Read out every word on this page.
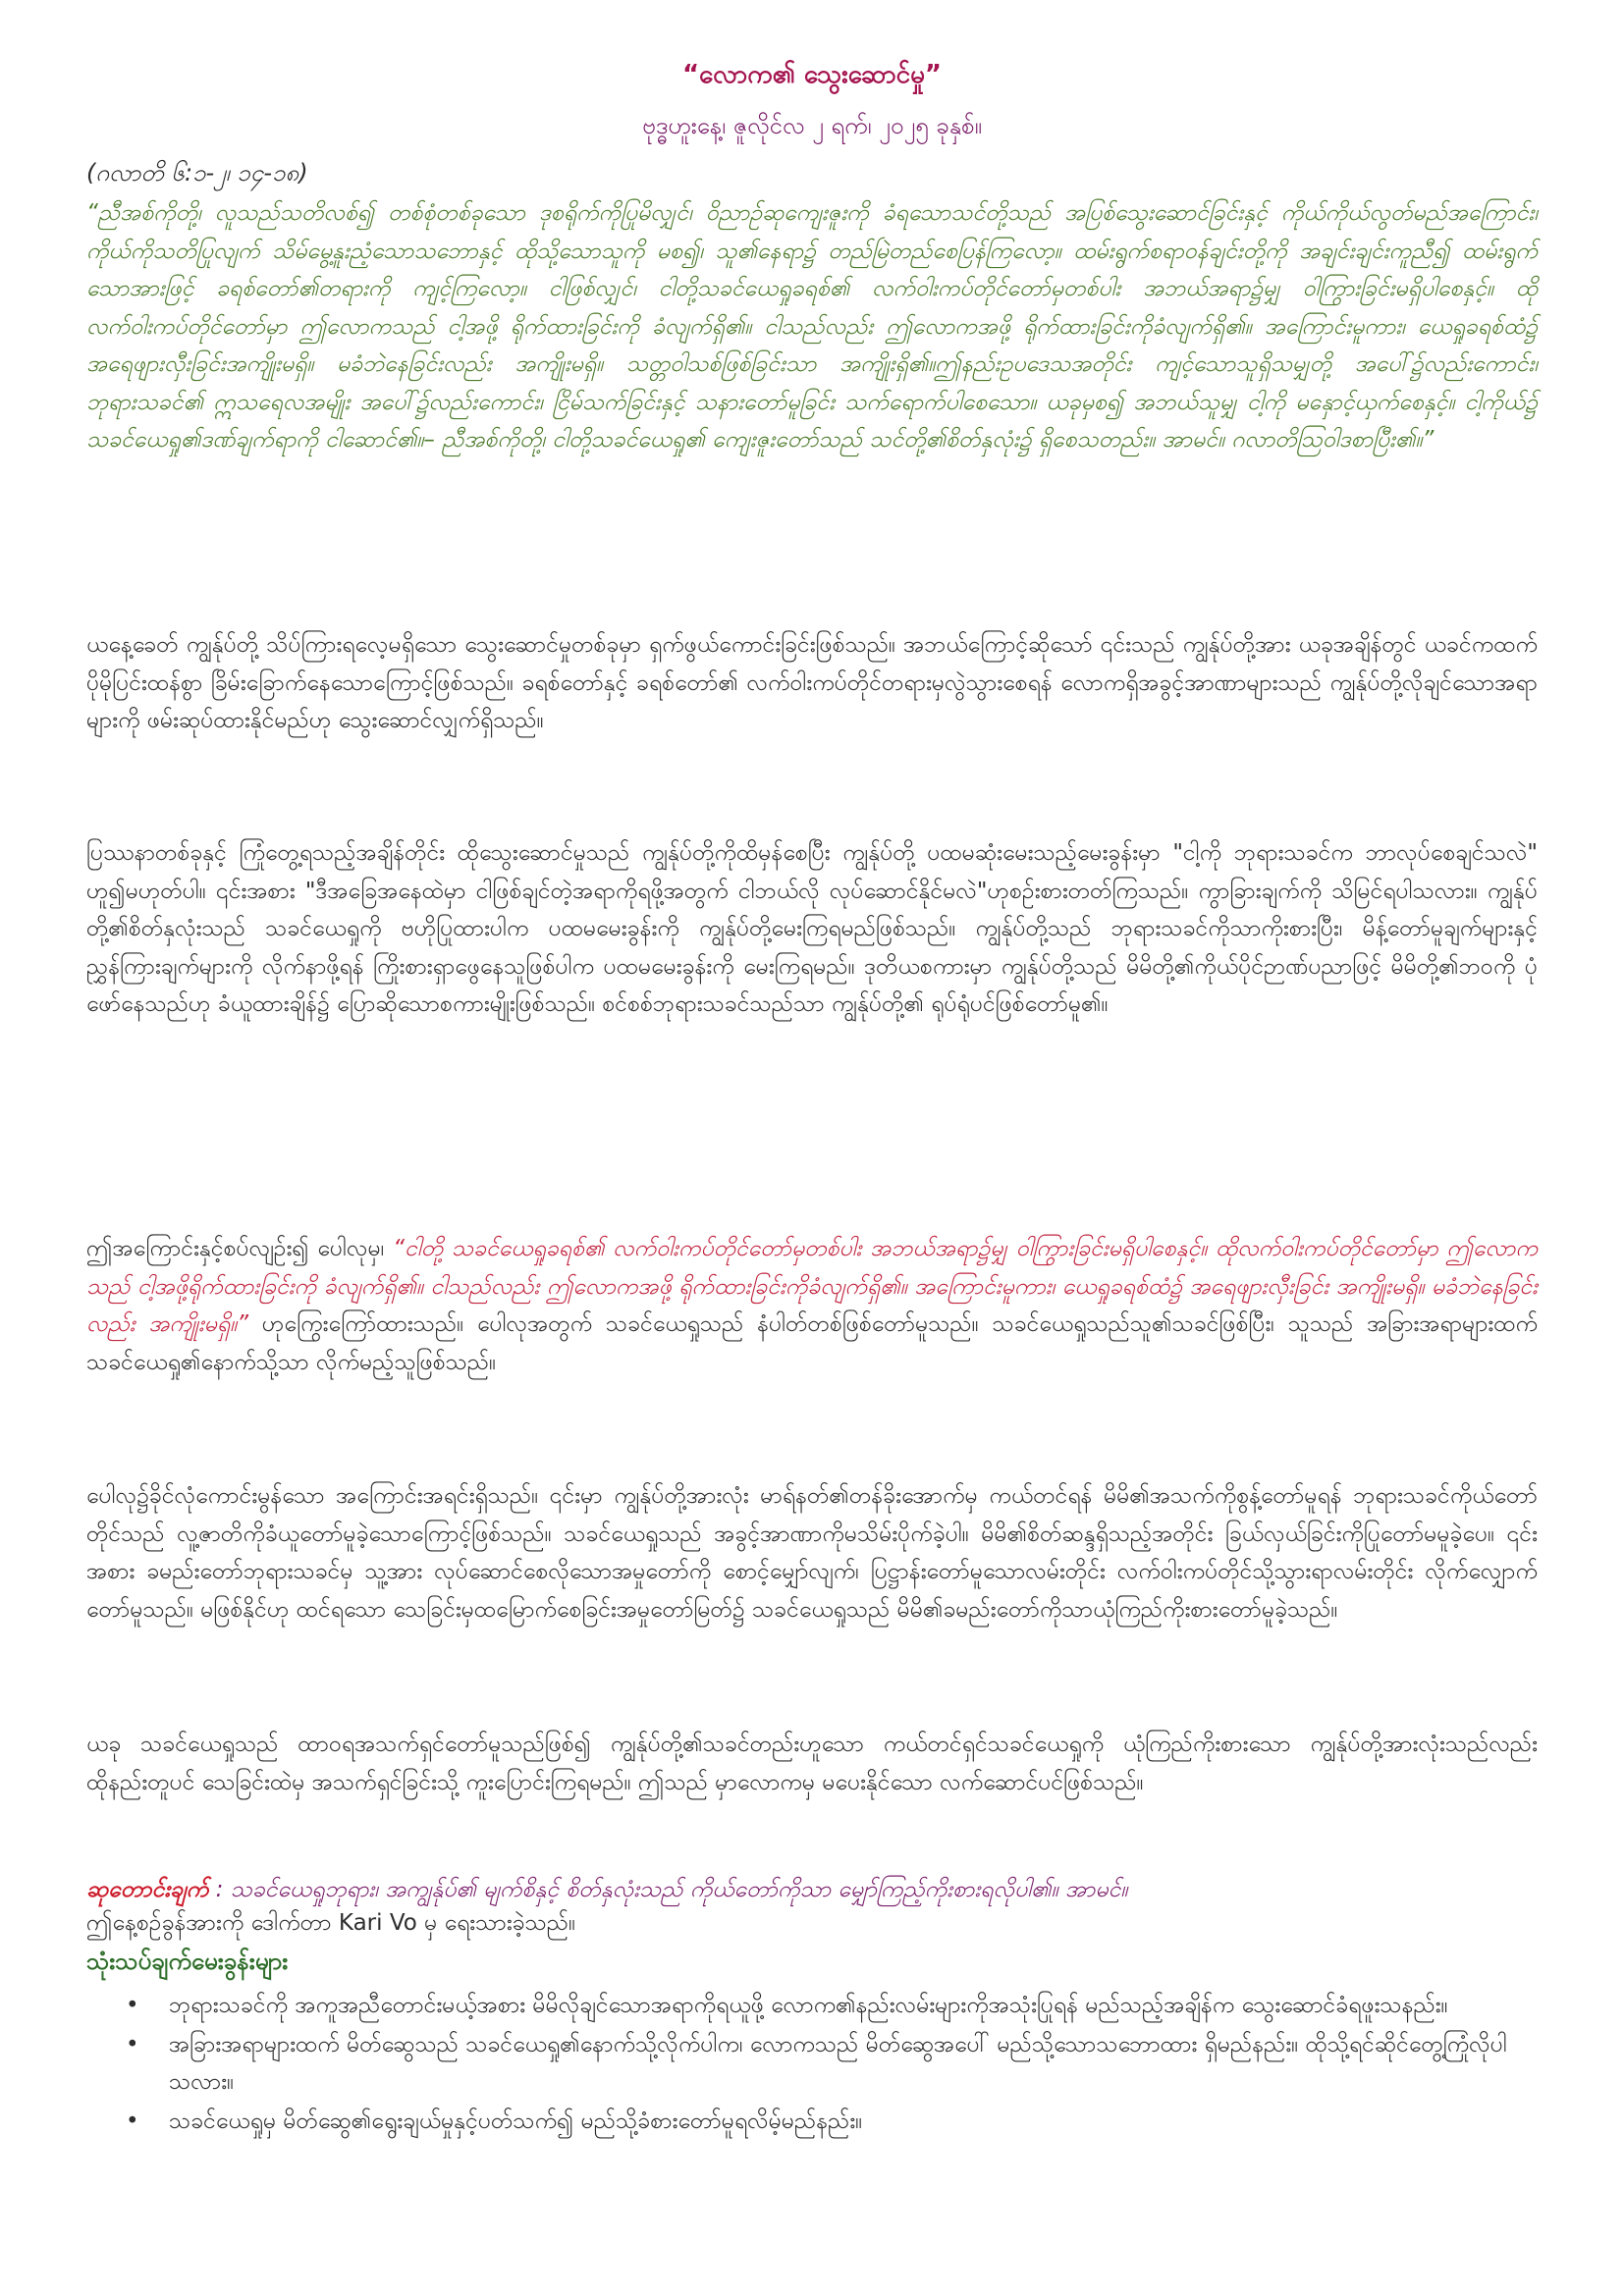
“လောက၏ သွေးဆောင်မှု”
ဗုဒ္ဓဟူးနေ့၊ ဇူလိုင်လ ၂ ရက်၊ ၂၀၂၅ ခုနှစ်။
(ဂလာတိ ၆:၁-၂၊ ၁၄-၁၈)
“ညီအစ်ကိုတို့၊ လူသည်သတိလစ်၍ တစ်စုံတစ်ခုသော ဒုစရိုက်ကိုပြုမိလျှင်၊ ဝိညာဉ်ဆုကျေးဇူးကို ခံရသောသင်တို့သည် အပြစ်သွေးဆောင်ခြင်းနှင့် ကိုယ်ကိုယ်လွတ်မည်အကြောင်း၊ ကိုယ်ကိုသတိပြုလျက် သိမ်မွေ့နူးညံ့သောသဘောနှင့် ထိုသို့သောသူကို မစ၍၊ သူ၏နေရာ၌ တည်မြဲတည်စေပြန်ကြလော့။ ထမ်းရွက်စရာဝန်ချင်းတို့ကို အချင်းချင်းကူညီ၍ ထမ်းရွက်သောအားဖြင့် ခရစ်တော်၏တရားကို ကျင့်ကြလော့။ ငါဖြစ်လျှင်၊ ငါတို့သခင်ယေရှုခရစ်၏ လက်ဝါးကပ်တိုင်တော်မှတစ်ပါး အဘယ်အရာ၌မျှ ဝါကြွားခြင်းမရှိပါစေနှင့်။ ထိုလက်ဝါးကပ်တိုင်တော်မှာ ဤလောကသည် ငါ့အဖို့ ရိုက်ထားခြင်းကို ခံလျက်ရှိ၏။ ငါသည်လည်း ဤလောကအဖို့ ရိုက်ထားခြင်းကိုခံလျက်ရှိ၏။ အကြောင်းမူကား၊ ယေရှုခရစ်ထံ၌ အရေဖျားလှီးခြင်းအကျိုးမရှိ။ မခံဘဲနေခြင်းလည်း အကျိုးမရှိ။ သတ္တဝါသစ်ဖြစ်ခြင်းသာ အကျိုးရှိ၏။ဤနည်းဥပဒေသအတိုင်း ကျင့်သောသူရှိသမျှတို့ အပေါ်၌လည်းကောင်း၊ ဘုရားသခင်၏ ဣသရေလအမျိုး အပေါ်၌လည်းကောင်း၊ ငြိမ်သက်ခြင်းနှင့် သနားတော်မူခြင်း သက်ရောက်ပါစေသော။ ယခုမှစ၍ အဘယ်သူမျှ ငါ့ကို မနှောင့်ယှက်စေနှင့်။ ငါ့ကိုယ်၌ သခင်ယေရှု၏ဒဏ်ချက်ရာကို ငါဆောင်၏။– ညီအစ်ကိုတို့၊ ငါတို့သခင်ယေရှု၏ ကျေးဇူးတော်သည် သင်တို့၏စိတ်နှလုံး၌ ရှိစေသတည်း။ အာမင်။ ဂလာတိဩဝါဒစာပြီး၏။”

ယနေ့ခေတ် ကျွန်ုပ်တို့ သိပ်ကြားရလေ့မရှိသော သွေးဆောင်မှုတစ်ခုမှာ ရှက်ဖွယ်ကောင်းခြင်းဖြစ်သည်။ အဘယ်ကြောင့်ဆိုသော် ၎င်းသည် ကျွန်ုပ်တို့အား ယခုအချိန်တွင် ယခင်ကထက်ပိုမိုပြင်းထန်စွာ ခြိမ်းခြောက်နေသောကြောင့်ဖြစ်သည်။ ခရစ်တော်နှင့် ခရစ်တော်၏ လက်ဝါးကပ်တိုင်တရားမှလွဲသွားစေရန် လောကရှိအခွင့်အာဏာများသည် ကျွန်ုပ်တို့လိုချင်သောအရာများကို ဖမ်းဆုပ်ထားနိုင်မည်ဟု သွေးဆောင်လျှက်ရှိသည်။

ပြဿနာတစ်ခုနှင့် ကြုံတွေ့ရသည့်အချိန်တိုင်း ထိုသွေးဆောင်မှုသည် ကျွန်ုပ်တို့ကိုထိမှန်စေပြီး ကျွန်ုပ်တို့ ပထမဆုံးမေးသည့်မေးခွန်းမှာ "ငါ့ကို ဘုရားသခင်က ဘာလုပ်စေချင်သလဲ" ဟူ၍မဟုတ်ပါ။ ၎င်းအစား "ဒီအခြေအနေထဲမှာ ငါဖြစ်ချင်တဲ့အရာကိုရဖို့အတွက် ငါဘယ်လို လုပ်ဆောင်နိုင်မလဲ"ဟုစဉ်းစားတတ်ကြသည်။ ကွာခြားချက်ကို သိမြင်ရပါသလား။ ကျွန်ုပ်တို့၏စိတ်နှလုံးသည် သခင်ယေရှုကို ဗဟိုပြုထားပါက ပထမမေးခွန်းကို ကျွန်ုပ်တို့မေးကြရမည်ဖြစ်သည်။ ကျွန်ုပ်တို့သည် ဘုရားသခင်ကိုသာကိုးစားပြီး၊ မိန့်တော်မူချက်များနှင့်ညွှန်ကြားချက်များကို လိုက်နာဖို့ရန် ကြိုးစားရှာဖွေနေသူဖြစ်ပါက ပထမမေးခွန်းကို မေးကြရမည်။ ဒုတိယစကားမှာ ကျွန်ုပ်တို့သည် မိမိတို့၏ကိုယ်ပိုင်ဉာဏ်ပညာဖြင့် မိမိတို့၏ဘဝကို ပုံဖော်နေသည်ဟု ခံယူထားချိန်၌ ပြောဆိုသောစကားမျိုးဖြစ်သည်။ စင်စစ်ဘုရားသခင်သည်သာ ကျွန်ုပ်တို့၏ ရုပ်ရုံပင်ဖြစ်တော်မူ၏။

ဤအကြောင်းနှင့်စပ်လျဉ်း၍ ပေါလုမှ၊ “ငါတို့ သခင်ယေရှုခရစ်၏ လက်ဝါးကပ်တိုင်တော်မှတစ်ပါး အဘယ်အရာ၌မျှ ဝါကြွားခြင်းမရှိပါစေနှင့်။ ထိုလက်ဝါးကပ်တိုင်တော်မှာ ဤလောကသည် ငါ့အဖို့ရိုက်ထားခြင်းကို ခံလျက်ရှိ၏။ ငါသည်လည်း ဤလောကအဖို့ ရိုက်ထားခြင်းကိုခံလျက်ရှိ၏။ အကြောင်းမူကား၊ ယေရှုခရစ်ထံ၌ အရေဖျားလှီးခြင်း အကျိုးမရှိ။ မခံဘဲနေခြင်းလည်း အကျိုးမရှိ။” ဟုကြွေးကြော်ထားသည်။ ပေါလုအတွက် သခင်ယေရှုသည် နံပါတ်တစ်ဖြစ်တော်မူသည်။ သခင်ယေရှုသည်သူ၏သခင်ဖြစ်ပြီး၊ သူသည် အခြားအရာများထက် သခင်ယေရှု၏နောက်သို့သာ လိုက်မည့်သူဖြစ်သည်။

ပေါလု၌ခိုင်လုံကောင်းမွန်သော အကြောင်းအရင်းရှိသည်။ ၎င်းမှာ ကျွန်ုပ်တို့အားလုံး မာရ်နတ်၏တန်ခိုးအောက်မှ ကယ်တင်ရန် မိမိ၏အသက်ကိုစွန့်တော်မူရန် ဘုရားသခင်ကိုယ်တော်တိုင်သည် လူ့ဇာတိကိုခံယူတော်မူခဲ့သောကြောင့်ဖြစ်သည်။ သခင်ယေရှုသည် အခွင့်အာဏာကိုမသိမ်းပိုက်ခဲ့ပါ။ မိမိ၏စိတ်ဆန္ဒရှိသည့်အတိုင်း ခြယ်လှယ်ခြင်းကိုပြုတော်မမူခဲ့ပေ။ ၎င်းအစား ခမည်းတော်ဘုရားသခင်မှ သူ့အား လုပ်ဆောင်စေလိုသောအမှုတော်ကို စောင့်မျှော်လျက်၊ ပြဋ္ဌာန်းတော်မူသောလမ်းတိုင်း လက်ဝါးကပ်တိုင်သို့သွားရာလမ်းတိုင်း လိုက်လျှောက်တော်မူသည်။ မဖြစ်နိုင်ဟု ထင်ရသော သေခြင်းမှထမြောက်စေခြင်းအမှုတော်မြတ်၌ သခင်ယေရှုသည် မိမိ၏ခမည်းတော်ကိုသာယုံကြည်ကိုးစားတော်မူခဲ့သည်။

ယခု သခင်ယေရှုသည် ထာဝရအသက်ရှင်တော်မူသည်ဖြစ်၍ ကျွန်ုပ်တို့၏သခင်တည်းဟူသော ကယ်တင်ရှင်သခင်ယေရှုကို ယုံကြည်ကိုးစားသော ကျွန်ုပ်တို့အားလုံးသည်လည်း ထိုနည်းတူပင် သေခြင်းထဲမှ အသက်ရှင်ခြင်းသို့ ကူးပြောင်းကြရမည်။ ဤသည် မှာလောကမှ မပေးနိုင်သော လက်ဆောင်ပင်ဖြစ်သည်။

ဆုတောင်းချက် : သခင်ယေရှုဘုရား၊ အကျွန်ုပ်၏ မျက်စိနှင့် စိတ်နှလုံးသည် ကိုယ်တော်ကိုသာ မျှော်ကြည့်ကိုးစားရလိုပါ၏။ အာမင်။
ဤနေ့စဉ်ခွန်အားကို ဒေါက်တာ Kari Vo မှ ရေးသားခဲ့သည်။
သုံးသပ်ချက်မေးခွန်းများ
• ဘုရားသခင်ကို အကူအညီတောင်းမယ့်အစား မိမိလိုချင်သောအရာကိုရယူဖို့ လောက၏နည်းလမ်းများကိုအသုံးပြုရန် မည်သည့်အချိန်က သွေးဆောင်ခံရဖူးသနည်း။
• အခြားအရာများထက် မိတ်ဆွေသည် သခင်ယေရှု၏နောက်သို့လိုက်ပါက၊ လောကသည် မိတ်ဆွေအပေါ် မည်သို့သောသဘောထား ရှိမည်နည်း။ ထိုသို့ရင်ဆိုင်တွေ့ကြုံလိုပါသလား။
• သခင်ယေရှုမှ မိတ်ဆွေ၏ရွေးချယ်မှုနှင့်ပတ်သက်၍ မည်သို့ခံစားတော်မူရလိမ့်မည်နည်း။
